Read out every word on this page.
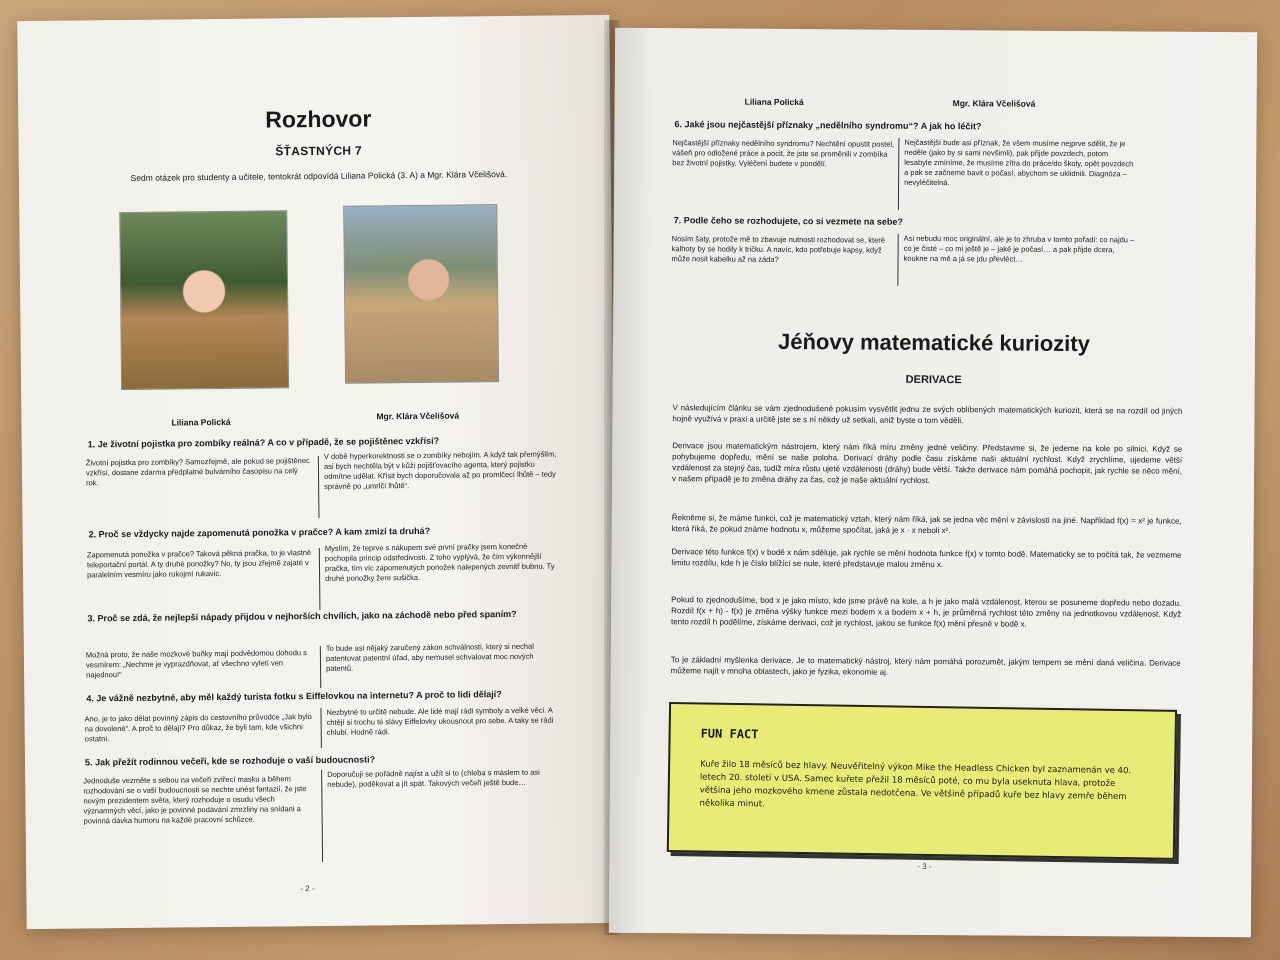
Rozhovor
ŠŤASTNÝCH 7
Sedm otázek pro studenty a učitele, tentokrát odpovídá Liliana Polická (3. A) a Mgr. Klára Včelišová.
Liliana Polická
Mgr. Klára Včelišová
1. Je životní pojistka pro zombíky reálná? A co v případě, že se pojištěnec vzkřísí?
Životní pojistka pro zombíky? Samozřejmě, ale pokud se pojištěnec vzkřísí, dostane zdarma předplatné bulvárního časopisu na celý rok.
V době hyperkorektnosti se o zombíky nebojím. A když tak přemýšlím, asi bych nechtěla být v kůži pojišťovacího agenta, který pojistku odmítne udělat. Křísit bych doporučovala až po promlčecí lhůtě – tedy správně po „umrlčí lhůtě“.
2. Proč se vždycky najde zapomenutá ponožka v pračce? A kam zmizí ta druhá?
Zapomenutá ponožka v pračce? Taková pěkná pračka, to je vlastně teleportační portál. A ty druhé ponožky? No, ty jsou zřejmě zajaté v paralelním vesmíru jako rukojmí rukavic.
Myslím, že teprve s nákupem své první pračky jsem konečně pochopila princip odstředivosti. Z toho vyplývá, že čím výkonnější pračka, tím víc zapomenutých ponožek nalepených zevnitř bubnu. Ty druhé ponožky žere sušička.
3. Proč se zdá, že nejlepší nápady přijdou v nejhorších chvílích, jako na záchodě nebo před spaním?
Možná proto, že naše mozkové buňky mají podvědomou dohodu s vesmírem: „Nechme je vyprazdňovat, ať všechno vyletí ven najednou!“
To bude asi nějaký zaručený zákon schválnosti, který si nechal patentovat patentní úřad, aby nemusel schvalovat moc nových patentů.
4. Je vážně nezbytné, aby měl každý turista fotku s Eiffelovkou na internetu? A proč to lidi dělají?
Ano, je to jako dělat povinný zápis do cestovního průvodce „Jak bylo na dovolené“. A proč to dělají? Pro důkaz, že byli tam, kde všichni ostatní.
Nezbytné to určitě nebude. Ale lidé mají rádi symboly a velké věci. A chtějí si trochu té slávy Eiffelovky ukousnout pro sebe. A taky se rádi chlubí. Hodně rádi.
5. Jak přežít rodinnou večeři, kde se rozhoduje o vaší budoucnosti?
Jednoduše vezměte s sebou na večeři zvířecí masku a během rozhodování se o vaší budoucnosti se nechte unést fantazií, že jste novým prezidentem světa, který rozhoduje o osudu všech významných věcí, jako je povinné podávání zmrzliny na snídani a povinná dávka humoru na každé pracovní schůzce.
Doporučuji se pořádně najíst a užít si to (chleba s máslem to asi nebude), poděkovat a jít spát. Takových večeří ještě bude…
- 2 -
Liliana Polická	Mgr. Klára Včelišová
6. Jaké jsou nejčastější příznaky „nedělního syndromu“? A jak ho léčit?
Nejčastější příznaky nedělního syndromu? Nechtění opustit postel, vášeň pro odložené práce a pocit, že jste se proměnili v zombíka bez životní pojistky. Vyléčení budete v pondělí.
Nejčastější bude asi příznak, že všem musíme nejprve sdělit, že je neděle (jako by si sami nevšimli), pak přijde povzdech, potom lesabyle zmíníme, že musíme zítra do práce/do školy, opět povzdech a pak se začneme bavit o počasí, abychom se uklidnili. Diagnóza – nevyléčitelná.
7. Podle čeho se rozhodujete, co si vezmete na sebe?
Nosím šaty, protože mě to zbavuje nutnosti rozhodovat se, které kalhoty by se hodily k tričku. A navíc, kdo potřebuje kapsy, když může nosit kabelku až na záda?
Asi nebudu moc originální, ale je to zhruba v tomto pořadí: co najdu – co je čisté – co mi ještě je – jaké je počasí… a pak přijde dcera, koukne na mě a já se jdu převléct…
Jéňovy matematické kuriozity
DERIVACE
V následujícím článku se vám zjednodušeně pokusím vysvětlit jednu ze svých oblíbených matematických kuriozit, která se na rozdíl od jiných hojně využívá v praxi a určitě jste se s ní někdy už setkali, aniž byste o tom věděli.
Derivace jsou matematickým nástrojem, který nám říká míru změny jedné veličiny. Představme si, že jedeme na kole po silnici. Když se pohybujeme dopředu, mění se naše poloha. Derivací dráhy podle času získáme naši aktuální rychlost. Když zrychlíme, ujedeme větší vzdálenost za stejný čas, tudíž míra růstu ujeté vzdálenosti (dráhy) bude větší. Takže derivace nám pomáhá pochopit, jak rychle se něco mění, v našem případě je to změna dráhy za čas, což je naše aktuální rychlost.
Řekněme si, že máme funkci, což je matematický vztah, který nám říká, jak se jedna věc mění v závislosti na jiné. Například f(x) = x² je funkce, která říká, že pokud známe hodnotu x, můžeme spočítat, jaká je x · x neboli x².
Derivace této funkce f(x) v bodě x nám sděluje, jak rychle se mění hodnota funkce f(x) v tomto bodě. Matematicky se to počítá tak, že vezmeme limitu rozdílu, kde h je číslo blížící se nule, které představuje malou změnu x.
Pokud to zjednodušíme, bod x je jako místo, kde jsme právě na kole, a h je jako malá vzdálenost, kterou se posuneme dopředu nebo dozadu. Rozdíl f(x + h) - f(x) je změna výšky funkce mezi bodem x a bodem x + h, je průměrná rychlost této změny na jednotkovou vzdálenost. Když tento rozdíl h podělíme, získáme derivaci, což je rychlost, jakou se funkce f(x) mění přesně v bodě x.
To je základní myšlenka derivace. Je to matematický nástroj, který nám pomáhá porozumět, jakým tempem se mění daná veličina. Derivace můžeme najít v mnoha oblastech, jako je fyzika, ekonomie aj.
FUN FACT
Kuře žilo 18 měsíců bez hlavy. Neuvěřitelný výkon Mike the Headless Chicken byl zaznamenán ve 40. letech 20. století v USA. Samec kuřete přežil 18 měsíců poté, co mu byla useknuta hlava, protože většina jeho mozkového kmene zůstala nedotčena. Ve většině případů kuře bez hlavy zemře během několika minut.
- 3 -
